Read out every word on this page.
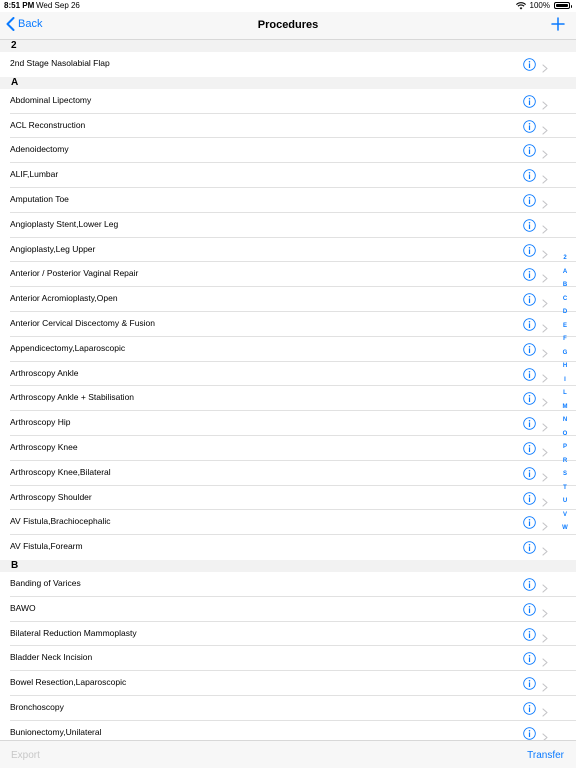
8:51 PM Wed Sep 26	100%
Back	Procedures
2
2nd Stage Nasolabial Flap
A
Abdominal Lipectomy
ACL Reconstruction
Adenoidectomy
ALIF,Lumbar
Amputation Toe
Angioplasty Stent,Lower Leg
Angioplasty,Leg Upper
Anterior / Posterior Vaginal Repair
Anterior Acromioplasty,Open
Anterior Cervical Discectomy & Fusion
Appendicectomy,Laparoscopic
Arthroscopy Ankle
Arthroscopy Ankle + Stabilisation
Arthroscopy Hip
Arthroscopy Knee
Arthroscopy Knee,Bilateral
Arthroscopy Shoulder
AV Fistula,Brachiocephalic
AV Fistula,Forearm
B
Banding of Varices
BAWO
Bilateral Reduction Mammoplasty
Bladder Neck Incision
Bowel Resection,Laparoscopic
Bronchoscopy
Bunionectomy,Unilateral
2
A
B
C
D
E
F
G
H
I
L
M
N
O
P
R
S
T
U
V
W
Export	Transfer
